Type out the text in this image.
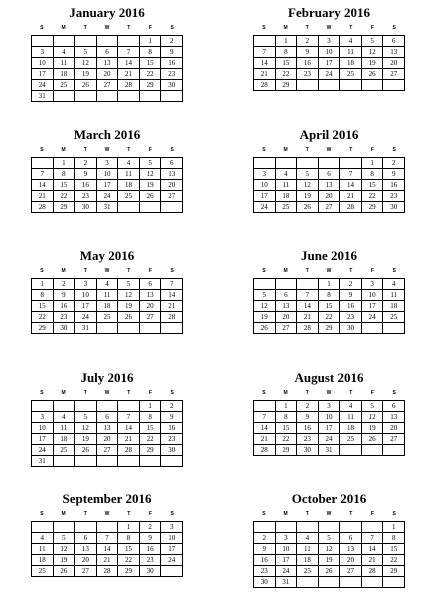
January 2016
S	M	T	W	T	F	S
					1	2
3	4	5	6	7	8	9
10	11	12	13	14	15	16
17	18	19	20	21	22	23
24	25	26	27	28	29	30
31						
February 2016
S	M	T	W	T	F	S
	1	2	3	4	5	6
7	8	9	10	11	12	13
14	15	16	17	18	19	20
21	22	23	24	25	26	27
28	29					
March 2016
S	M	T	W	T	F	S
	1	2	3	4	5	6
7	8	9	10	11	12	13
14	15	16	17	18	19	20
21	22	23	24	25	26	27
28	29	30	31			
April 2016
S	M	T	W	T	F	S
					1	2
3	4	5	6	7	8	9
10	11	12	13	14	15	16
17	18	19	20	21	22	23
24	25	26	27	28	29	30
May 2016
S	M	T	W	T	F	S
1	2	3	4	5	6	7
8	9	10	11	12	13	14
15	16	17	18	19	20	21
22	23	24	25	26	27	28
29	30	31				
June 2016
S	M	T	W	T	F	S
			1	2	3	4
5	6	7	8	9	10	11
12	13	14	15	16	17	18
19	20	21	22	23	24	25
26	27	28	29	30		
July 2016
S	M	T	W	T	F	S
					1	2
3	4	5	6	7	8	9
10	11	12	13	14	15	16
17	18	19	20	21	22	23
24	25	26	27	28	29	30
31						
August 2016
S	M	T	W	T	F	S
	1	2	3	4	5	6
7	8	9	10	11	12	13
14	15	16	17	18	19	20
21	22	23	24	25	26	27
28	29	30	31			
September 2016
S	M	T	W	T	F	S
				1	2	3
4	5	6	7	8	9	10
11	12	13	14	15	16	17
18	19	20	21	22	23	24
25	26	27	28	29	30	
October 2016
S	M	T	W	T	F	S
						1
2	3	4	5	6	7	8
9	10	11	12	13	14	15
16	17	18	19	20	21	22
23	24	25	26	27	28	29
30	31					
